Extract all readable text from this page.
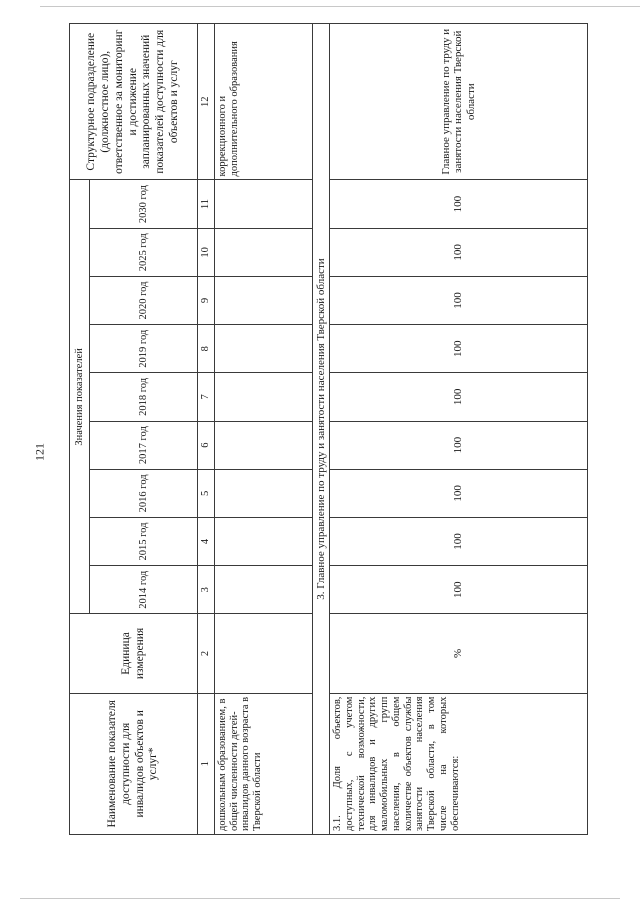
121
Наименование показателя доступности для инвалидов объектов и услуг*	Единица измерения	Значения показателей									Структурное подразделение (должностное лицо), ответственное за мониторинг и достижение запланированных значений показателей доступности для объектов и услуг
		2014 год	2015 год	2016 год	2017 год	2018 год	2019 год	2020 год	2025 год	2030 год	
1	2	3	4	5	6	7	8	9	10	11	12
дошкольным образованием, в общей численности детей-инвалидов данного возраста в Тверской области											коррекционного и дополнительного образования
3. Главное управление по труду и занятости населения Тверской области											
3.1. Доля объектов, доступных, с учетом технической возможности, для инвалидов и других маломобильных групп населения, в общем количестве объектов службы занятости населения Тверской области, в том числе на которых обеспечиваются:	%	100	100	100	100	100	100	100	100	100	Главное управление по труду и занятости населения Тверской области
